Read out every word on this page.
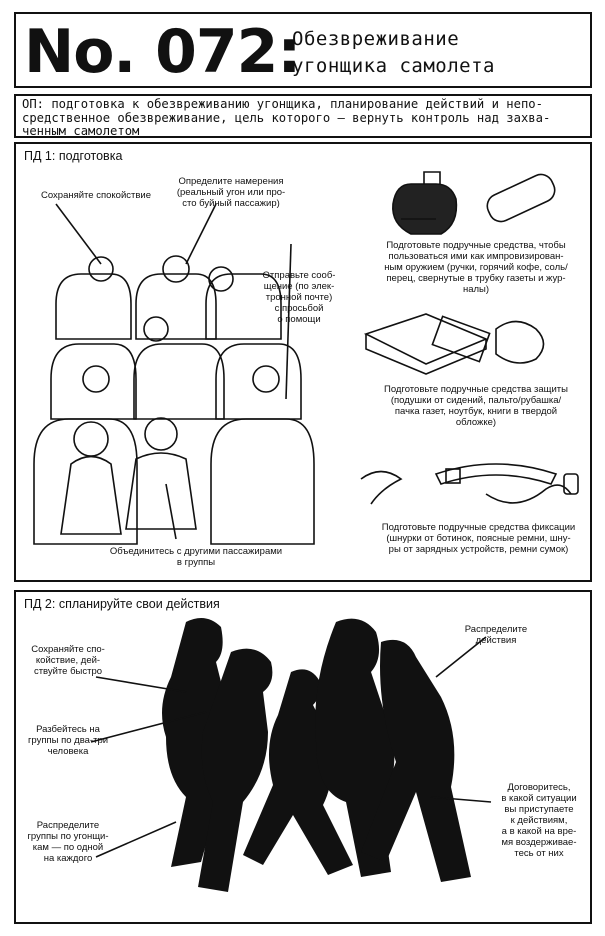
No. 072:
Обезвреживание
угонщика самолета
ОП: подготовка к обезвреживанию угонщика, планирование действий и непо-
средственное обезвреживание, цель которого — вернуть контроль над захва-
ченным самолетом
ПД 1: подготовка
Сохраняйте спокойствие
Определите намерения
(реальный угон или про-
сто буйный пассажир)
Отправьте сооб-
щение (по элек-
тронной почте)
с просьбой
о помощи
Объединитесь с другими пассажирами
в группы
Подготовьте подручные средства, чтобы
пользоваться ими как импровизирован-
ным оружием (ручки, горячий кофе, соль/
перец, свернутые в трубку газеты и жур-
налы)
Подготовьте подручные средства защиты
(подушки от сидений, пальто/рубашка/
пачка газет, ноутбук, книги в твердой
обложке)
Подготовьте подручные средства фиксации
(шнурки от ботинок, поясные ремни, шну-
ры от зарядных устройств, ремни сумок)
ПД 2: спланируйте свои действия
Сохраняйте спо-
койствие, дей-
ствуйте быстро
Разбейтесь на
группы по два-три
человека
Распределите
группы по угонщи-
кам — по одной
на каждого
Распределите
действия
Договоритесь,
в какой ситуации
вы приступаете
к действиям,
а в какой на вре-
мя воздерживае-
тесь от них
